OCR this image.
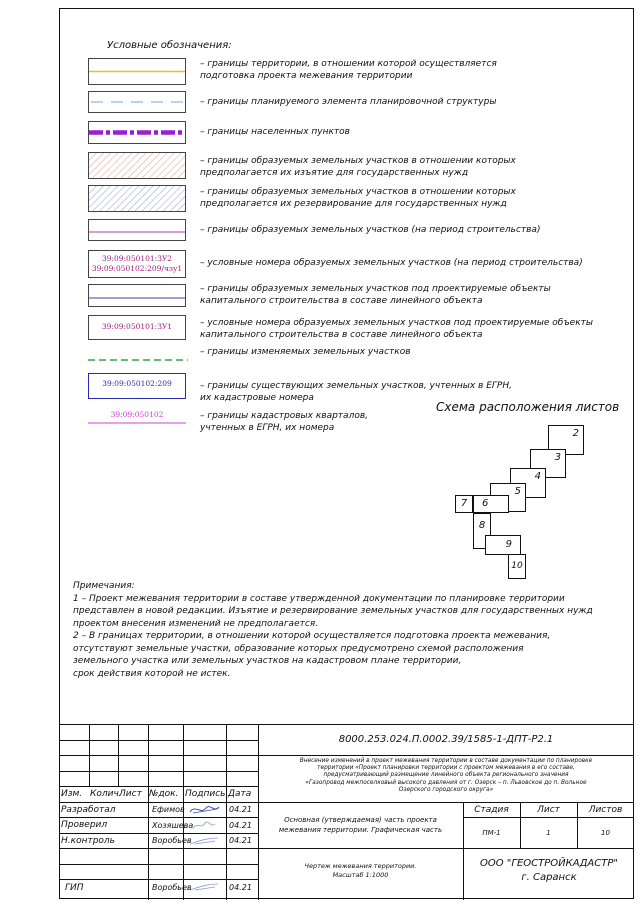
Условные обозначения:
– границы территории, в отношении которой осуществляется
подготовка проекта межевания территории
– границы планируемого элемента планировочной структуры
– границы населенных пунктов
– границы образуемых земельных участков в отношении которых
предполагается их изъятие для государственных нужд
– границы образуемых земельных участков в отношении которых
предполагается их резервирование для государственных нужд
– границы образуемых земельных участков (на период строительства)
39:09:050101:ЗУ2
39:09:050102:209/чзу1
– условные номера образуемых земельных участков (на период строительства)
– границы образуемых земельных участков под проектируемые объекты
капитального строительства в составе линейного объекта
39:09:050101:ЗУ1	– условные номера образуемых земельных участков под проектируемые объекты
капитального строительства в составе линейного объекта
– границы изменяемых земельных участков
39:09:050102:209	– границы существующих земельных участков, учтенных в ЕГРН,
их кадастровые номера
39:09:050102	– границы кадастровых кварталов,
учтенных в ЕГРН, их номера
Схема расположения листов
2
3
4
5
7	6
8
9
10
Примечания:
1 – Проект межевания территории в составе утвержденной документации по планировке территории
представлен в новой редакции. Изъятие и резервирование земельных участков для государственных нужд
проектом внесения изменений не предполагается.
2 – В границах территории, в отношении которой осуществляется подготовка проекта межевания,
отсутствуют земельные участки, образование которых предусмотрено схемой расположения
земельного участка или земельных участков на кадастровом плане территории,
срок действия которой не истек.
Изм. Колич.
Лист №док. Подпись Дата
Разработал	Ефимов	04.21
Проверил	Хозяшева	04.21
Н.контроль	Воробьев	04.21
ГИП	Воробьев	04.21
8000.253.024.П.0002.39/1585-1-ДПТ-Р2.1
Внесение изменений в проект межевания территории в составе документации по планировке
территории «Проект планировки территории с проектом межевания в его составе,
предусматривающий размещение линейного объекта регионального значения
«Газопровод межпоселковый высокого давления от г. Озерск – п. Львовское до п. Вольное
Озерского городского округа»
Основная (утверждаемая) часть проекта
межевания территории. Графическая часть
Стадия	Лист	Листов
ПМ-1	1	10
Чертеж межевания территории.
Масштаб 1:1000
ООО "ГЕОСТРОЙКАДАСТР"
г. Саранск
